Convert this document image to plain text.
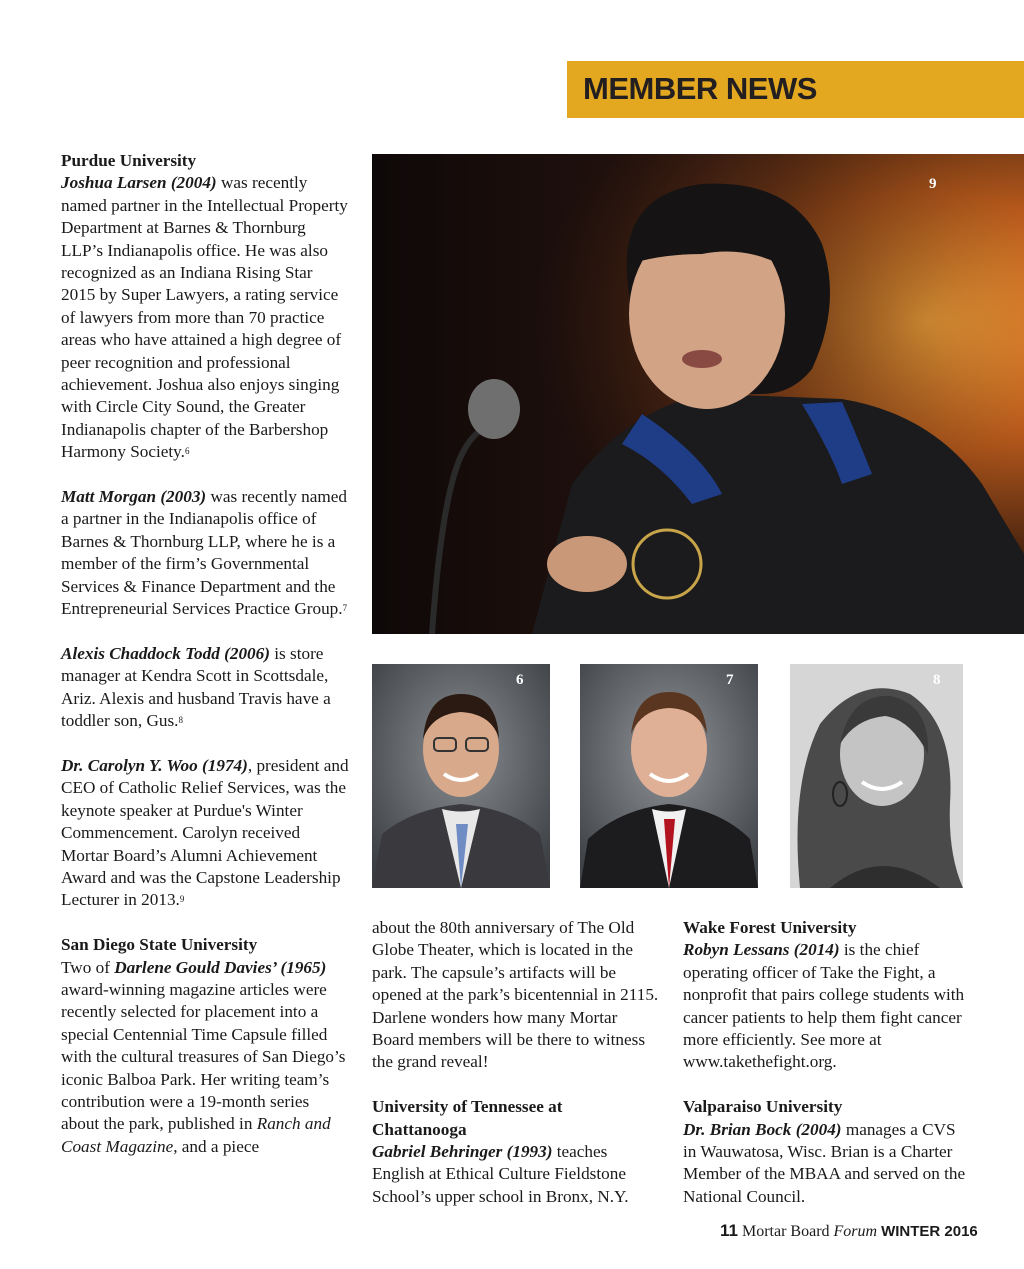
MEMBER NEWS

Purdue University

Joshua Larsen (2004) was recently named partner in the Intellectual Property Department at Barnes & Thornburg LLP’s Indianapolis office. He was also recognized as an Indiana Rising Star 2015 by Super Lawyers, a rating service of lawyers from more than 70 practice areas who have attained a high degree of peer recognition and professional achievement. Joshua also enjoys singing with Circle City Sound, the Greater Indianapolis chapter of the Barbershop Harmony Society.$^6$

Matt Morgan (2003) was recently named a partner in the Indianapolis office of Barnes & Thornburg LLP, where he is a member of the firm’s Governmental Services & Finance Department and the Entrepreneurial Services Practice Group.$^7$

Alexis Chaddock Todd (2006) is store manager at Kendra Scott in Scottsdale, Ariz. Alexis and husband Travis have a toddler son, Gus.$^8$

Dr. Carolyn Y. Woo (1974), president and CEO of Catholic Relief Services, was the keynote speaker at Purdue's Winter Commencement. Carolyn received Mortar Board’s Alumni Achievement Award and was the Capstone Leadership Lecturer in 2013.$^9$

San Diego State University

Two of Darlene Gould Davies’ (1965) award-winning magazine articles were recently selected for placement into a special Centennial Time Capsule filled with the cultural treasures of San Diego’s iconic Balboa Park. Her writing team’s contribution were a 19-month series about the park, published in Ranch and Coast Magazine, and a piece

9
6	7	8

about the 80th anniversary of The Old Globe Theater, which is located in the park. The capsule’s artifacts will be opened at the park’s bicentennial in 2115. Darlene wonders how many Mortar Board members will be there to witness the grand reveal!

University of Tennessee at Chattanooga

Gabriel Behringer (1993) teaches English at Ethical Culture Fieldstone School’s upper school in Bronx, N.Y.

Wake Forest University

Robyn Lessans (2014) is the chief operating officer of Take the Fight, a nonprofit that pairs college students with cancer patients to help them fight cancer more efficiently. See more at www.takethefight.org.

Valparaiso University

Dr. Brian Bock (2004) manages a CVS in Wauwatosa, Wisc. Brian is a Charter Member of the MBAA and served on the National Council.

11 Mortar Board Forum WINTER 2016
